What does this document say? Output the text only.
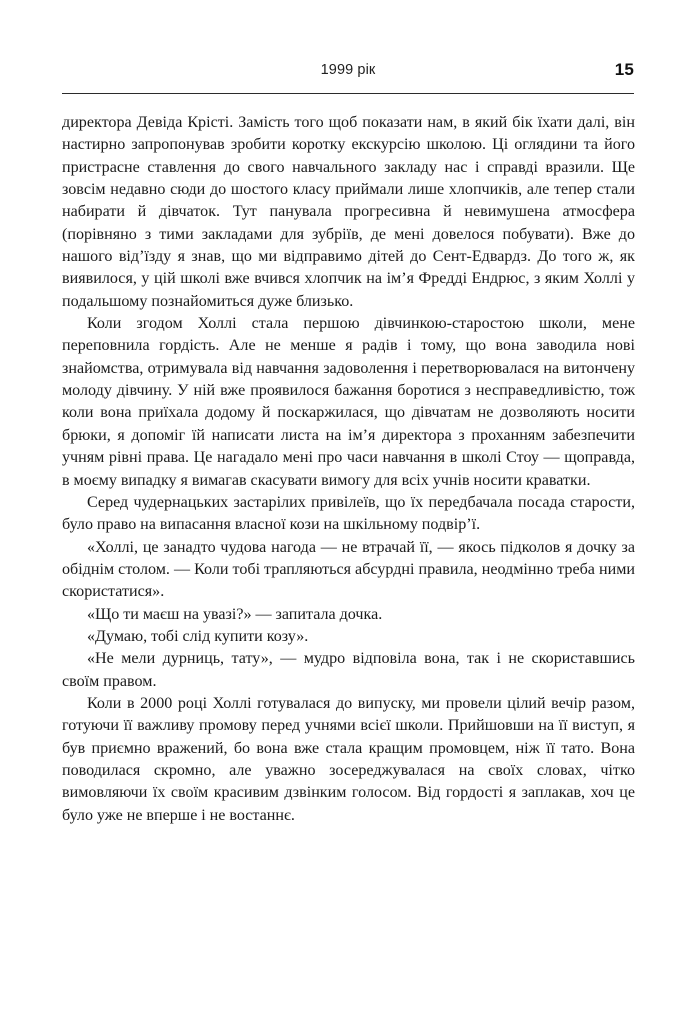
1999 рік	15

директора Девіда Крісті. Замість того щоб показати нам, в який бік їхати далі, він настирно запропонував зробити коротку екскурсію школою. Ці оглядини та його пристрасне ставлення до свого навчального закладу нас і справді вразили. Ще зовсім недавно сюди до шостого класу приймали лише хлопчиків, але тепер стали набирати й дівчаток. Тут панувала прогресивна й невимушена атмосфера (порівняно з тими закладами для зубріїв, де мені довелося побувати). Вже до нашого від’їзду я знав, що ми відправимо дітей до Сент-Едвардз. До того ж, як виявилося, у цій школі вже вчився хлопчик на ім’я Фредді Ендрюс, з яким Холлі у подальшому познайомиться дуже близько.

Коли згодом Холлі стала першою дівчинкою-старостою школи, мене переповнила гордість. Але не менше я радів і тому, що вона заводила нові знайомства, отримувала від навчання задоволення і перетворювалася на витончену молоду дівчину. У ній вже проявилося бажання боротися з несправедливістю, тож коли вона приїхала додому й поскаржилася, що дівчатам не дозволяють носити брюки, я допоміг їй написати листа на ім’я директора з проханням забезпечити учням рівні права. Це нагадало мені про часи навчання в школі Стоу — щоправда, в моєму випадку я вимагав скасувати вимогу для всіх учнів носити краватки.

Серед чудернацьких застарілих привілеїв, що їх передбачала посада старости, було право на випасання власної кози на шкільному подвір’ї.

«Холлі, це занадто чудова нагода — не втрачай її, — якось підколов я дочку за обіднім столом. — Коли тобі трапляються абсурдні правила, неодмінно треба ними скористатися».

«Що ти маєш на увазі?» — запитала дочка.

«Думаю, тобі слід купити козу».

«Не мели дурниць, тату», — мудро відповіла вона, так і не скориставшись своїм правом.

Коли в 2000 році Холлі готувалася до випуску, ми провели цілий вечір разом, готуючи її важливу промову перед учнями всієї школи. Прийшовши на її виступ, я був приємно вражений, бо вона вже стала кращим промовцем, ніж її тато. Вона поводилася скромно, але уважно зосереджувалася на своїх словах, чітко вимовляючи їх своїм красивим дзвінким голосом. Від гордості я заплакав, хоч це було уже не вперше і не востаннє.
